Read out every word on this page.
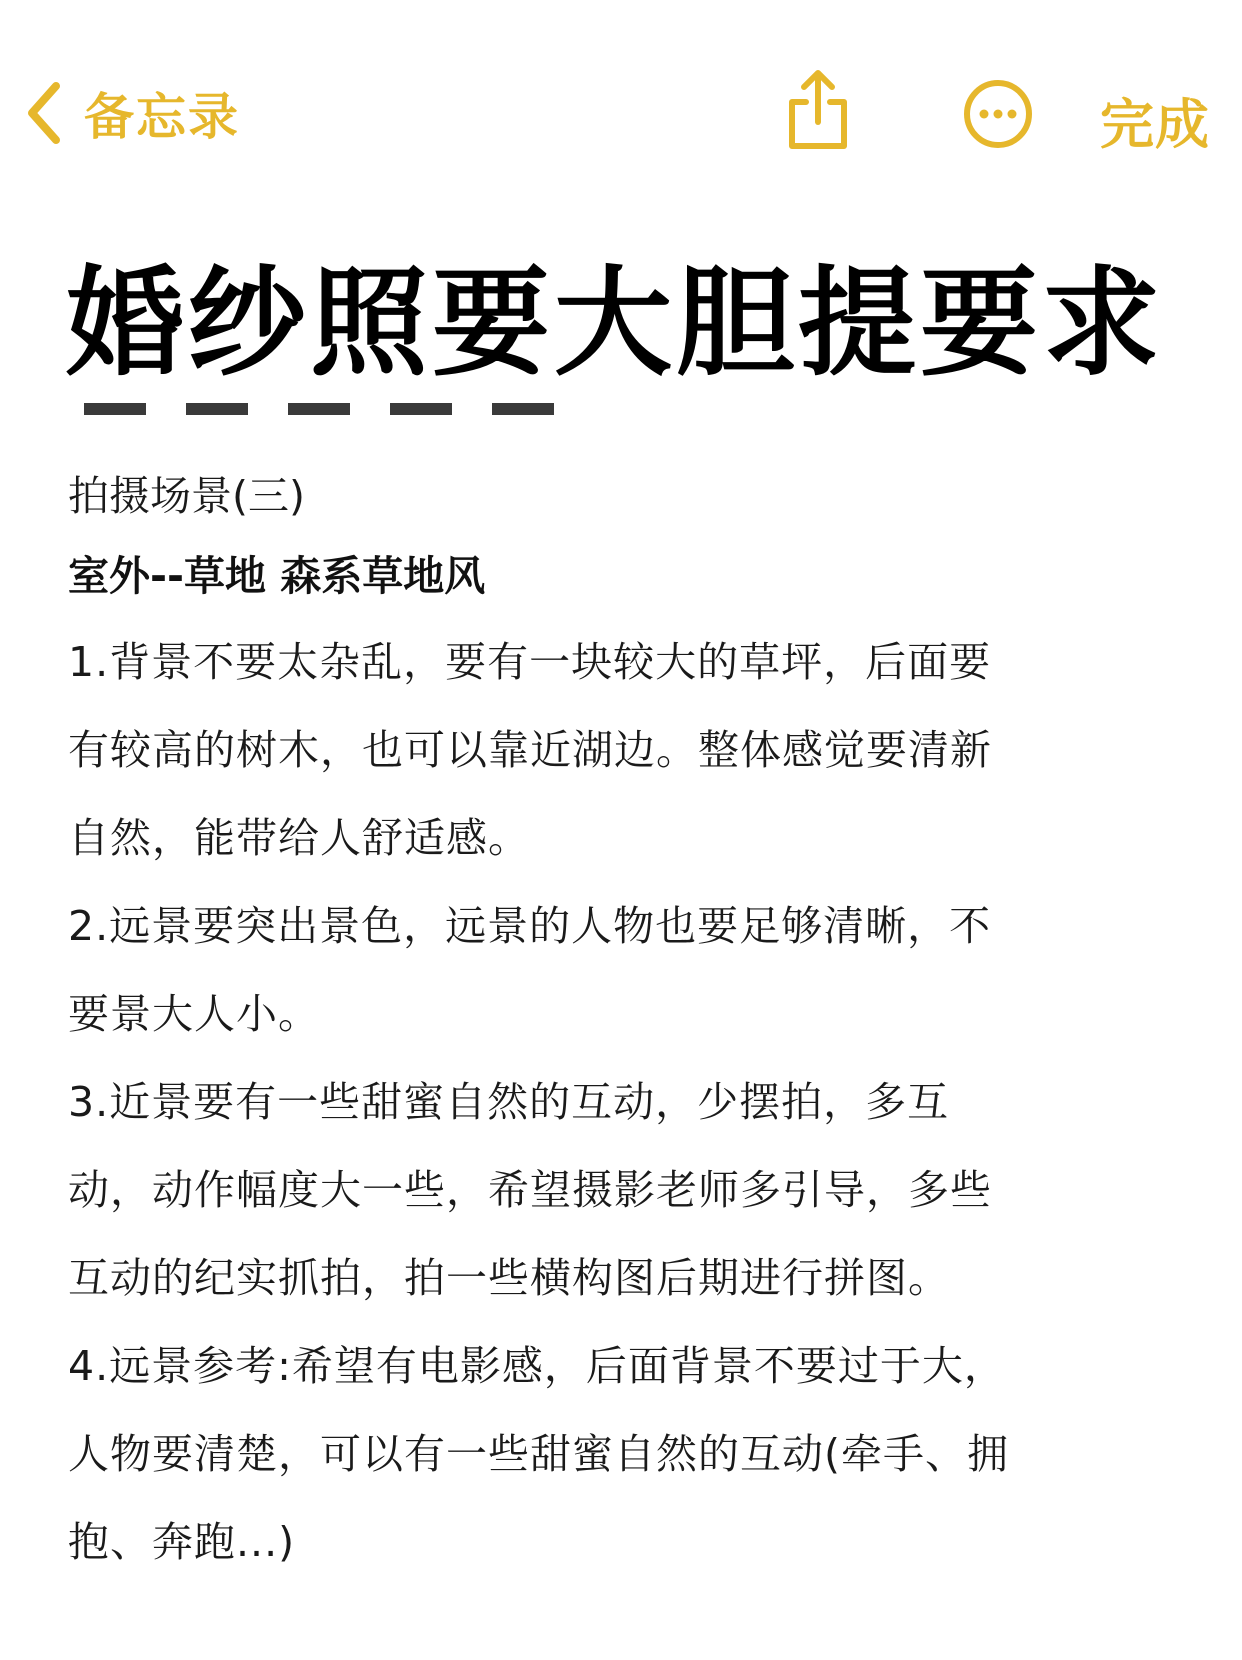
备忘录	完成
婚纱照要大胆提要求
拍摄场景(三)
室外--草地 森系草地风
1.背景不要太杂乱，要有一块较大的草坪，后面要
有较高的树木，也可以靠近湖边。整体感觉要清新
自然，能带给人舒适感。
2.远景要突出景色，远景的人物也要足够清晰，不
要景大人小。
3.近景要有一些甜蜜自然的互动，少摆拍，多互
动，动作幅度大一些，希望摄影老师多引导，多些
互动的纪实抓拍，拍一些横构图后期进行拼图。
4.远景参考:希望有电影感，后面背景不要过于大，
人物要清楚，可以有一些甜蜜自然的互动(牵手、拥
抱、奔跑...)
